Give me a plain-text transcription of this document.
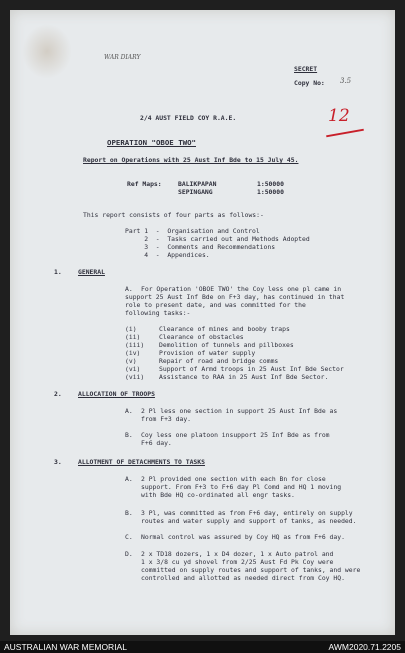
WAR DIARY
SECRET
Copy No: 3.5
12
2/4 AUST FIELD COY R.A.E.
OPERATION "OBOE TWO"
Report on Operations with 25 Aust Inf Bde to 15 July 45.
Ref Maps:	BALIKPAPAN	1:50000
SEPINGANG	1:50000
This report consists of four parts as follows:-
Part 1  -  Organisation and Control
2  -  Tasks carried out and Methods Adopted
3  -  Comments and Recommendations
4  -  Appendices.
1.	GENERAL
A. For Operation 'OBOE TWO' the Coy less one pl came in
support 25 Aust Inf Bde on F+3 day, has continued in that
role to present date, and was committed for the
following tasks:-
(i)	Clearance of mines and booby traps
(ii)	Clearance of obstacles
(iii) Demolition of tunnels and pillboxes
(iv)	Provision of water supply
(v)	Repair of road and bridge comms
(vi)	Support of Armd troops in 25 Aust Inf Bde Sector
(vii) Assistance to RAA in 25 Aust Inf Bde Sector.
2.	ALLOCATION OF TROOPS
A. 2 Pl less one section in support 25 Aust Inf Bde as
from F+3 day.
B. Coy less one platoon insupport 25 Inf Bde as from
F+6 day.
3.	ALLOTMENT OF DETACHMENTS TO TASKS
A. 2 Pl provided one section with each Bn for close
support. From F+3 to F+6 day Pl Comd and HQ 1 moving
with Bde HQ co-ordinated all engr tasks.
B. 3 Pl, was committed as from F+6 day, entirely on supply
routes and water supply and support of tanks, as needed.
C. Normal control was assured by Coy HQ as from F+6 day.
D. 2 x TD18 dozers, 1 x D4 dozer, 1 x Auto patrol and
1 x 3/8 cu yd shovel from 2/25 Aust Fd Pk Coy were
committed on supply routes and support of tanks, and were
controlled and allotted as needed direct from Coy HQ.
AUSTRALIAN WAR MEMORIAL	AWM2020.71.2205
